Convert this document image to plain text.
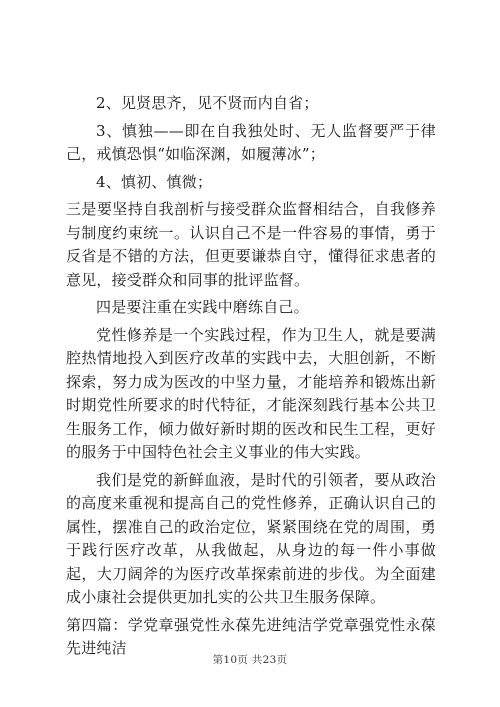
2、见贤思齐，见不贤而内自省；

3、慎独——即在自我独处时、无人监督要严于律己，戒慎恐惧“如临深渊，如履薄冰”；

4、慎初、慎微；

三是要坚持自我剖析与接受群众监督相结合，自我修养与制度约束统一。认识自己不是一件容易的事情，勇于反省是不错的方法，但更要谦恭自守，懂得征求患者的意见，接受群众和同事的批评监督。

四是要注重在实践中磨练自己。

党性修养是一个实践过程，作为卫生人，就是要满腔热情地投入到医疗改革的实践中去，大胆创新，不断探索，努力成为医改的中坚力量，才能培养和锻炼出新时期党性所要求的时代特征，才能深刻践行基本公共卫生服务工作，倾力做好新时期的医改和民生工程，更好的服务于中国特色社会主义事业的伟大实践。

我们是党的新鲜血液，是时代的引领者，要从政治的高度来重视和提高自己的党性修养，正确认识自己的属性，摆准自己的政治定位，紧紧围绕在党的周围，勇于践行医疗改革，从我做起，从身边的每一件小事做起，大刀阔斧的为医疗改革探索前进的步伐。为全面建成小康社会提供更加扎实的公共卫生服务保障。

第四篇：学党章强党性永葆先进纯洁学党章强党性永葆先进纯洁

第10页 共23页
